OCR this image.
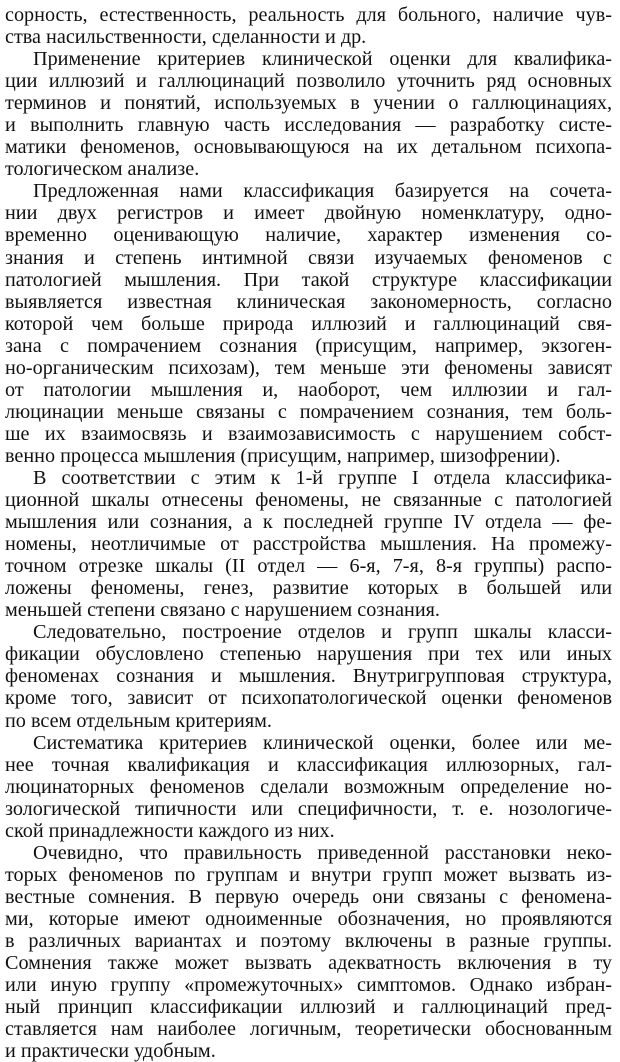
сорность, естественность, реальность для больного, наличие чув-
ства насильственности, сделанности и др.
Применение критериев клинической оценки для квалифика-
ции иллюзий и галлюцинаций позволило уточнить ряд основных
терминов и понятий, используемых в учении о галлюцинациях,
и выполнить главную часть исследования — разработку систе-
матики феноменов, основывающуюся на их детальном психопа-
тологическом анализе.
Предложенная нами классификация базируется на сочета-
нии двух регистров и имеет двойную номенклатуру, одно-
временно оценивающую наличие, характер изменения со-
знания и степень интимной связи изучаемых феноменов с
патологией мышления. При такой структуре классификации
выявляется известная клиническая закономерность, согласно
которой чем больше природа иллюзий и галлюцинаций свя-
зана с помрачением сознания (присущим, например, экзоген-
но-органическим психозам), тем меньше эти феномены зависят
от патологии мышления и, наоборот, чем иллюзии и гал-
люцинации меньше связаны с помрачением сознания, тем боль-
ше их взаимосвязь и взаимозависимость с нарушением собст-
венно процесса мышления (присущим, например, шизофрении).
В соответствии с этим к 1-й группе I отдела классифика-
ционной шкалы отнесены феномены, не связанные с патологией
мышления или сознания, а к последней группе IV отдела — фе-
номены, неотличимые от расстройства мышления. На промежу-
точном отрезке шкалы (II отдел — 6-я, 7-я, 8-я группы) распо-
ложены феномены, генез, развитие которых в большей или
меньшей степени связано с нарушением сознания.
Следовательно, построение отделов и групп шкалы класси-
фикации обусловлено степенью нарушения при тех или иных
феноменах сознания и мышления. Внутригрупповая структура,
кроме того, зависит от психопатологической оценки феноменов
по всем отдельным критериям.
Систематика критериев клинической оценки, более или ме-
нее точная квалификация и классификация иллюзорных, гал-
люцинаторных феноменов сделали возможным определение но-
зологической типичности или специфичности, т. е. нозологиче-
ской принадлежности каждого из них.
Очевидно, что правильность приведенной расстановки неко-
торых феноменов по группам и внутри групп может вызвать из-
вестные сомнения. В первую очередь они связаны с феномена-
ми, которые имеют одноименные обозначения, но проявляются
в различных вариантах и поэтому включены в разные группы.
Сомнения также может вызвать адекватность включения в ту
или иную группу «промежуточных» симптомов. Однако избран-
ный принцип классификации иллюзий и галлюцинаций пред-
ставляется нам наиболее логичным, теоретически обоснованным
и практически удобным.
